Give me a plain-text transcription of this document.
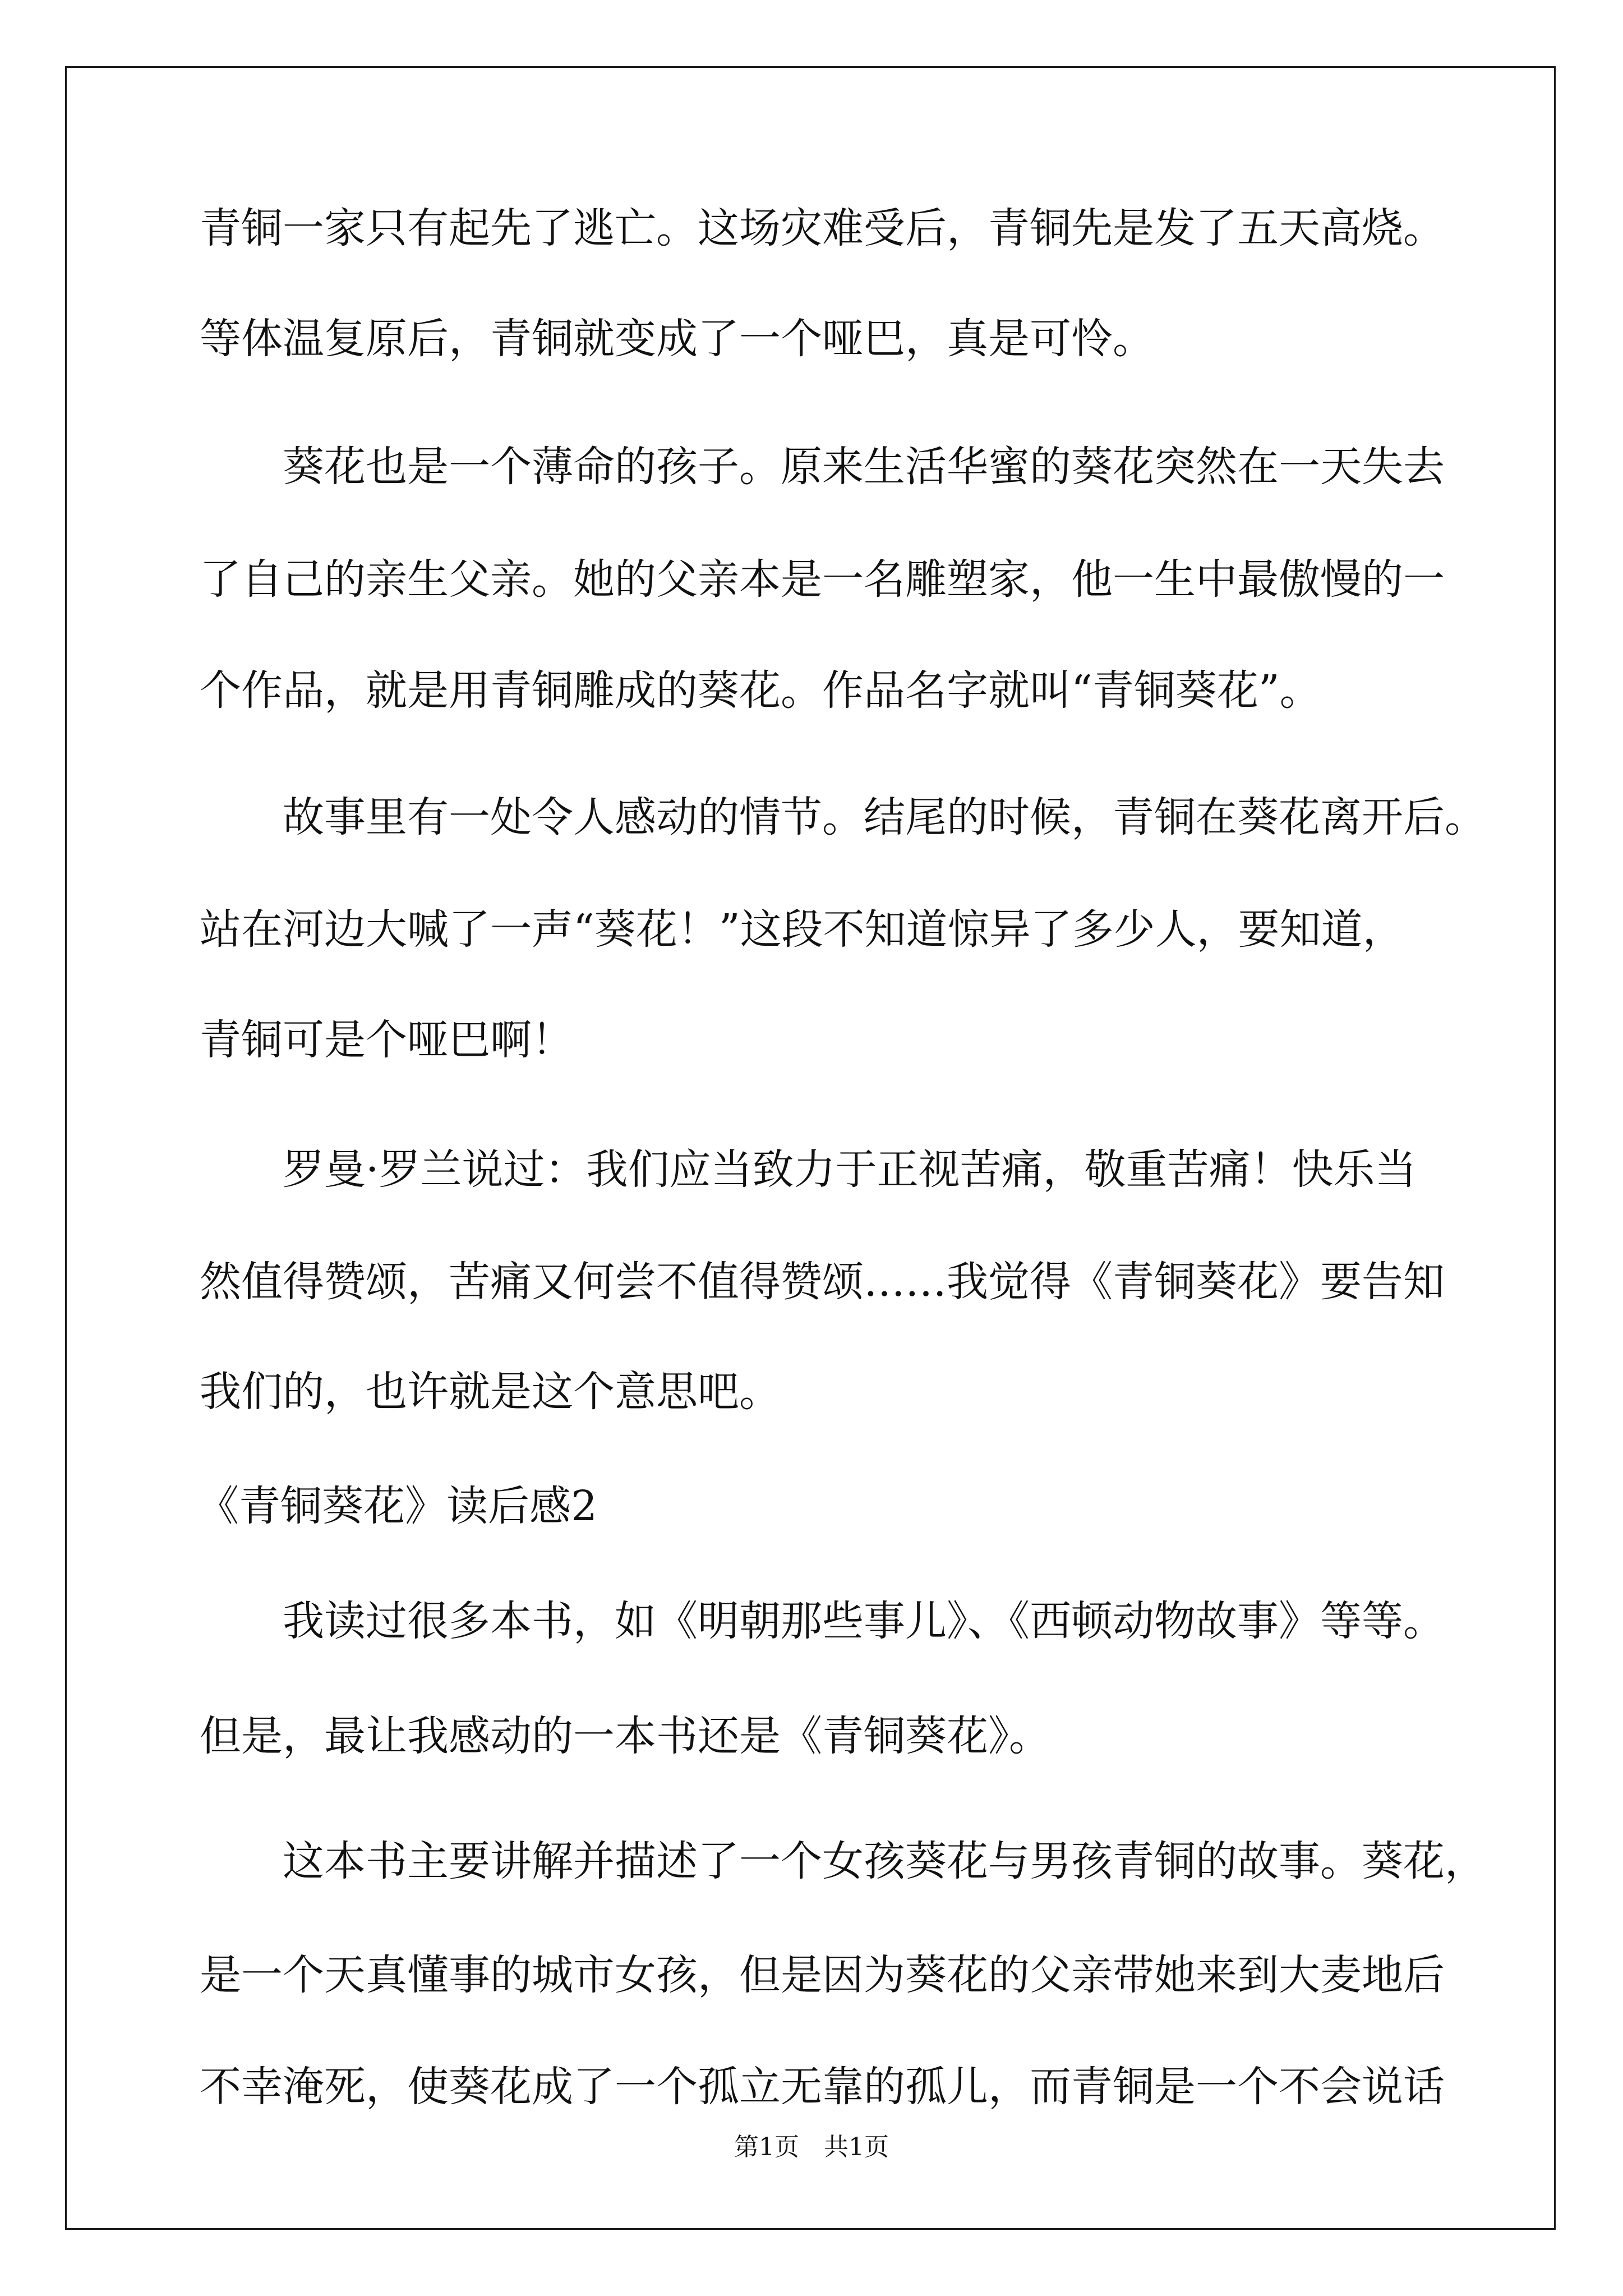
青铜一家只有起先了逃亡。这场灾难受后，青铜先是发了五天高烧。
等体温复原后，青铜就变成了一个哑巴，真是可怜。
葵花也是一个薄命的孩子。原来生活华蜜的葵花突然在一天失去
了自己的亲生父亲。她的父亲本是一名雕塑家，他一生中最傲慢的一
个作品，就是用青铜雕成的葵花。作品名字就叫“青铜葵花”。
故事里有一处令人感动的情节。结尾的时候，青铜在葵花离开后。
站在河边大喊了一声“葵花！”这段不知道惊异了多少人，要知道，
青铜可是个哑巴啊！
罗曼·罗兰说过：我们应当致力于正视苦痛，敬重苦痛！快乐当
然值得赞颂，苦痛又何尝不值得赞颂……我觉得《青铜葵花》要告知
我们的，也许就是这个意思吧。
《青铜葵花》读后感2
我读过很多本书，如《明朝那些事儿》、《西顿动物故事》等等。
但是，最让我感动的一本书还是《青铜葵花》。
这本书主要讲解并描述了一个女孩葵花与男孩青铜的故事。葵花，
是一个天真懂事的城市女孩，但是因为葵花的父亲带她来到大麦地后
不幸淹死，使葵花成了一个孤立无靠的孤儿，而青铜是一个不会说话
第1页　共1页
